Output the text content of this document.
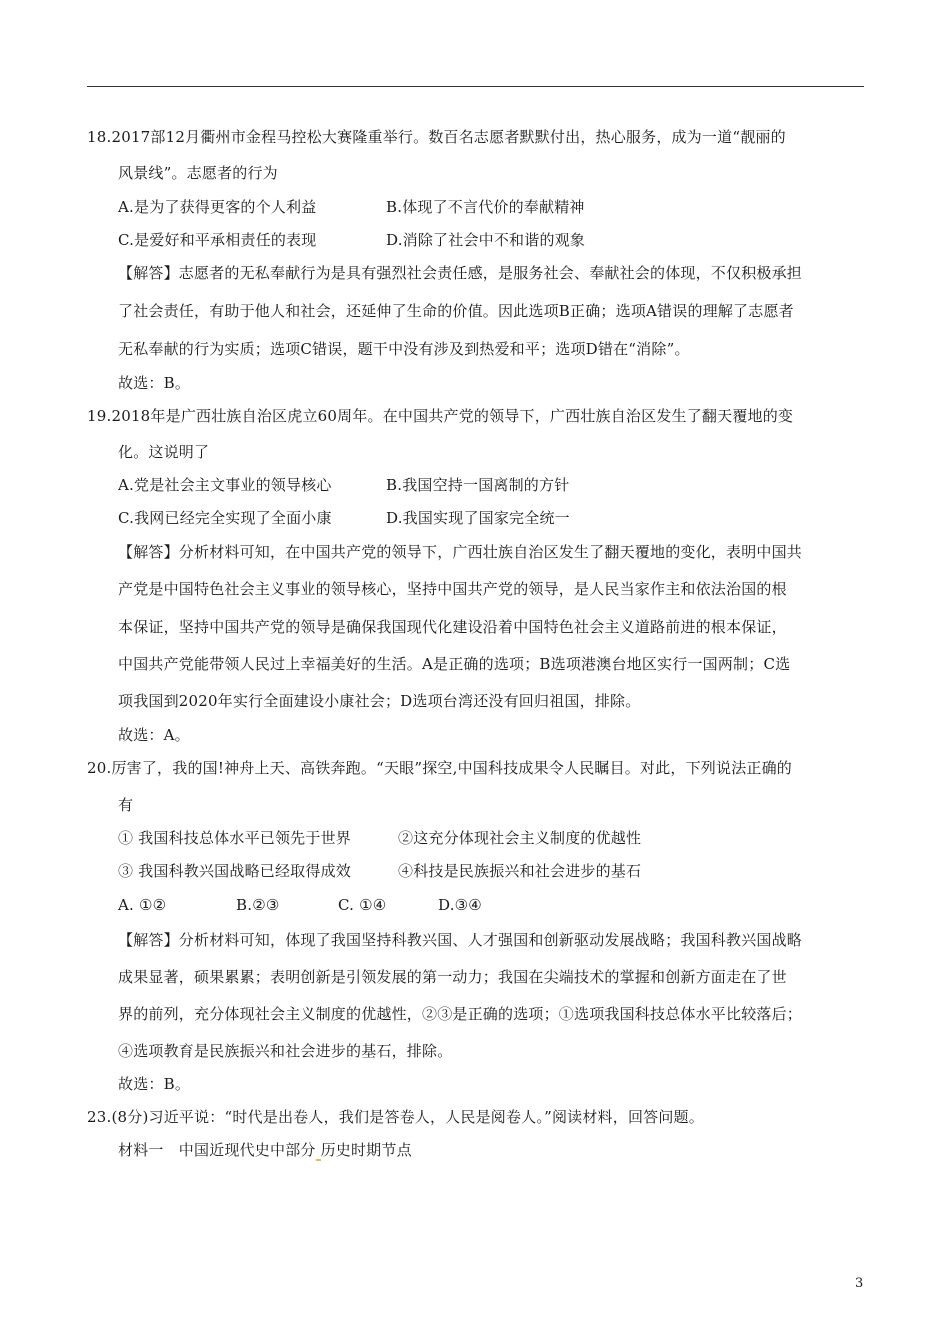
18.2017部12月衢州市金程马控松大赛隆重举行。数百名志愿者默默付出，热心服务，成为一道“靓丽的
风景线”。志愿者的行为
A.是为了获得更客的个人利益	B.体现了不言代价的奉献精神
C.是爱好和平承相责任的表现	D.消除了社会中不和谐的观象
【解答】志愿者的无私奉献行为是具有强烈社会责任感，是服务社会、奉献社会的体现，不仅积极承担
了社会责任，有助于他人和社会，还延伸了生命的价值。因此选项B正确；选项A错误的理解了志愿者
无私奉献的行为实质；选项C错误，题干中没有涉及到热爱和平；选项D错在“消除”。
故选：B。
19.2018年是广西壮族自治区虎立60周年。在中国共产党的领导下，广西壮族自治区发生了翻天覆地的变
化。这说明了
A.党是社会主文事业的领导核心	B.我国空持一国离制的方针
C.我网已经完全实现了全面小康	D.我国实现了国家完全统一
【解答】分析材料可知，在中国共产党的领导下，广西壮族自治区发生了翻天覆地的变化，表明中国共
产党是中国特色社会主义事业的领导核心，坚持中国共产党的领导，是人民当家作主和依法治国的根
本保证，坚持中国共产党的领导是确保我国现代化建设沿着中国特色社会主义道路前进的根本保证，
中国共产党能带领人民过上幸福美好的生活。A是正确的选项；B选项港澳台地区实行一国两制；C选
项我国到2020年实行全面建设小康社会；D选项台湾还没有回归祖国，排除。
故选：A。
20.厉害了，我的国!神舟上天、高铁奔跑。“天眼”探空,中国科技成果令人民瞩目。对此，下列说法正确的
有
① 我国科技总体水平已领先于世界	②这充分体现社会主义制度的优越性
③ 我国科教兴国战略已经取得成效	④科技是民族振兴和社会进步的基石
A. ①②	B.②③	C. ①④	D.③④
【解答】分析材料可知，体现了我国坚持科教兴国、人才强国和创新驱动发展战略；我国科教兴国战略
成果显著，硕果累累；表明创新是引领发展的第一动力；我国在尖端技术的掌握和创新方面走在了世
界的前列，充分体现社会主义制度的优越性，②③是正确的选项；①选项我国科技总体水平比较落后；
④选项教育是民族振兴和社会进步的基石，排除。
故选：B。
23.(8分)习近平说：“时代是出卷人，我们是答卷人，人民是阅卷人。”阅读材料，回答问题。
材料一　中国近现代史中部分 历史时期节点
3
